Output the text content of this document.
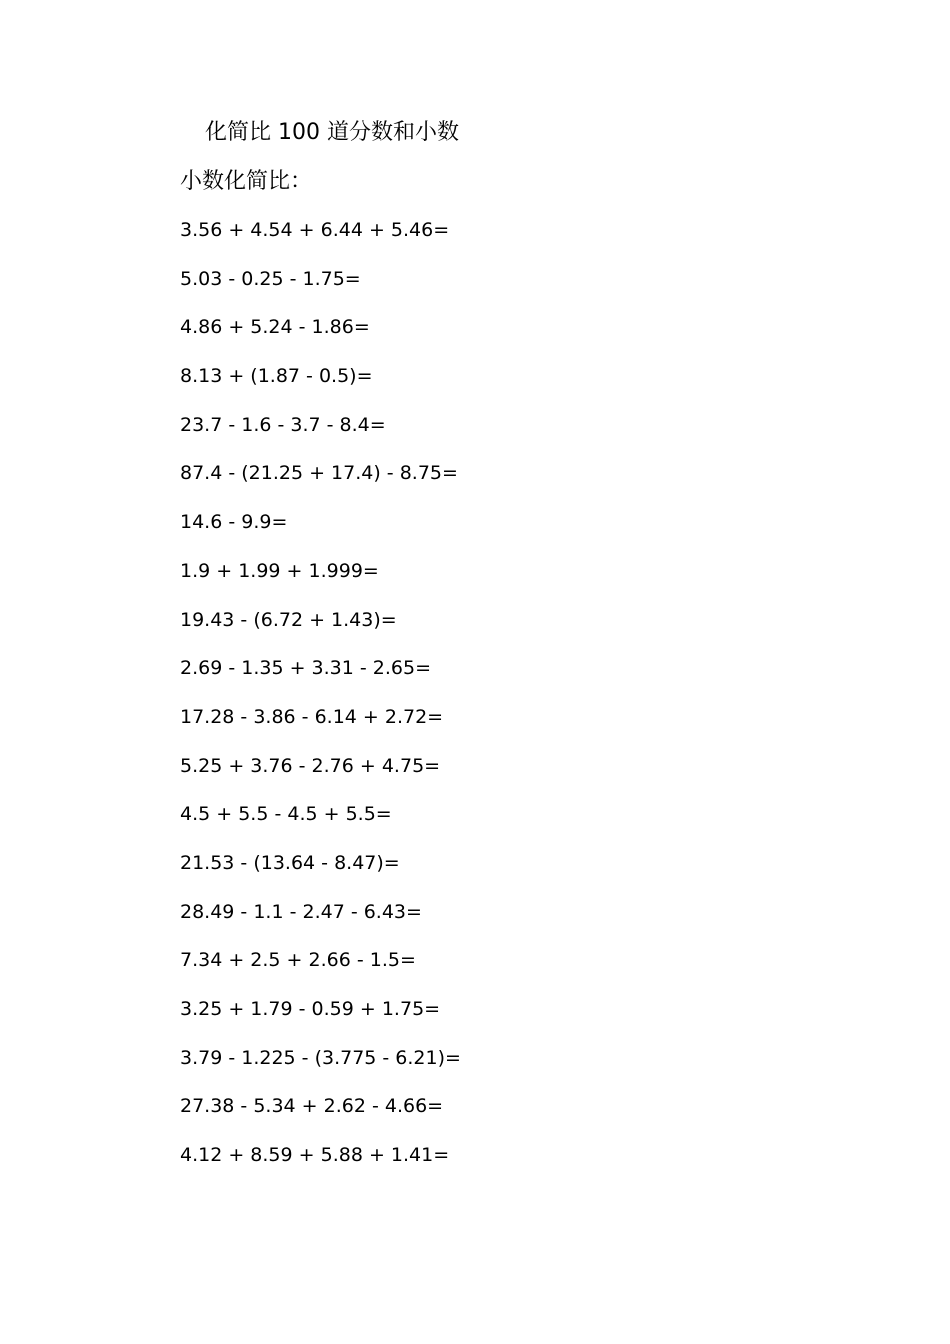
化简比 100 道分数和小数
小数化简比：
3.56 + 4.54 + 6.44 + 5.46=
5.03 - 0.25 - 1.75=
4.86 + 5.24 - 1.86=
8.13 + (1.87 - 0.5)=
23.7 - 1.6 - 3.7 - 8.4=
87.4 - (21.25 + 17.4) - 8.75=
14.6 - 9.9=
1.9 + 1.99 + 1.999=
19.43 - (6.72 + 1.43)=
2.69 - 1.35 + 3.31 - 2.65=
17.28 - 3.86 - 6.14 + 2.72=
5.25 + 3.76 - 2.76 + 4.75=
4.5 + 5.5 - 4.5 + 5.5=
21.53 - (13.64 - 8.47)=
28.49 - 1.1 - 2.47 - 6.43=
7.34 + 2.5 + 2.66 - 1.5=
3.25 + 1.79 - 0.59 + 1.75=
3.79 - 1.225 - (3.775 - 6.21)=
27.38 - 5.34 + 2.62 - 4.66=
4.12 + 8.59 + 5.88 + 1.41=
